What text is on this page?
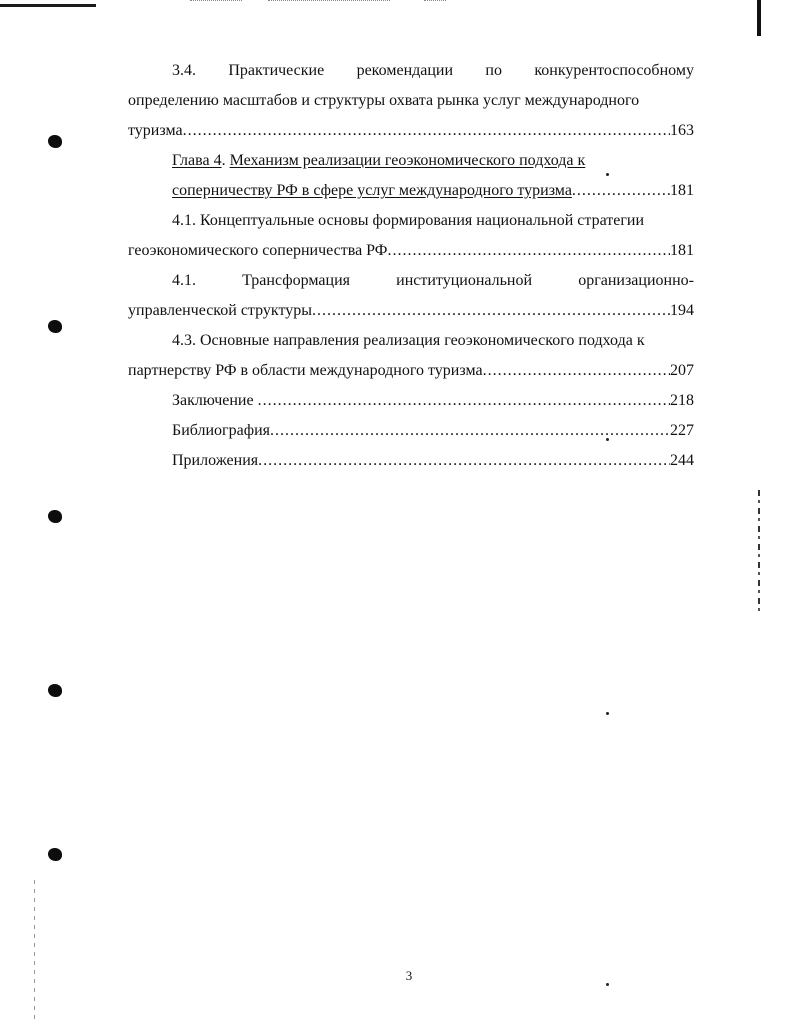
3.4. Практические рекомендации по конкурентоспособному
определению масштабов и структуры охвата рынка услуг международного
туризма .....	163
Глава 4. Механизм реализации геоэкономического подхода к
соперничеству РФ в сфере услуг международного туризма .....	181
4.1. Концептуальные основы формирования национальной стратегии
геоэкономического соперничества РФ .....	181
4.1.	Трансформация	институциональной	организационно-
управленческой структуры .....	194
4.3. Основные направления реализация геоэкономического подхода к
партнерству РФ в области международного туризма .....	207
Заключение .....	218
Библиография .....	227
Приложения .....	244
3
